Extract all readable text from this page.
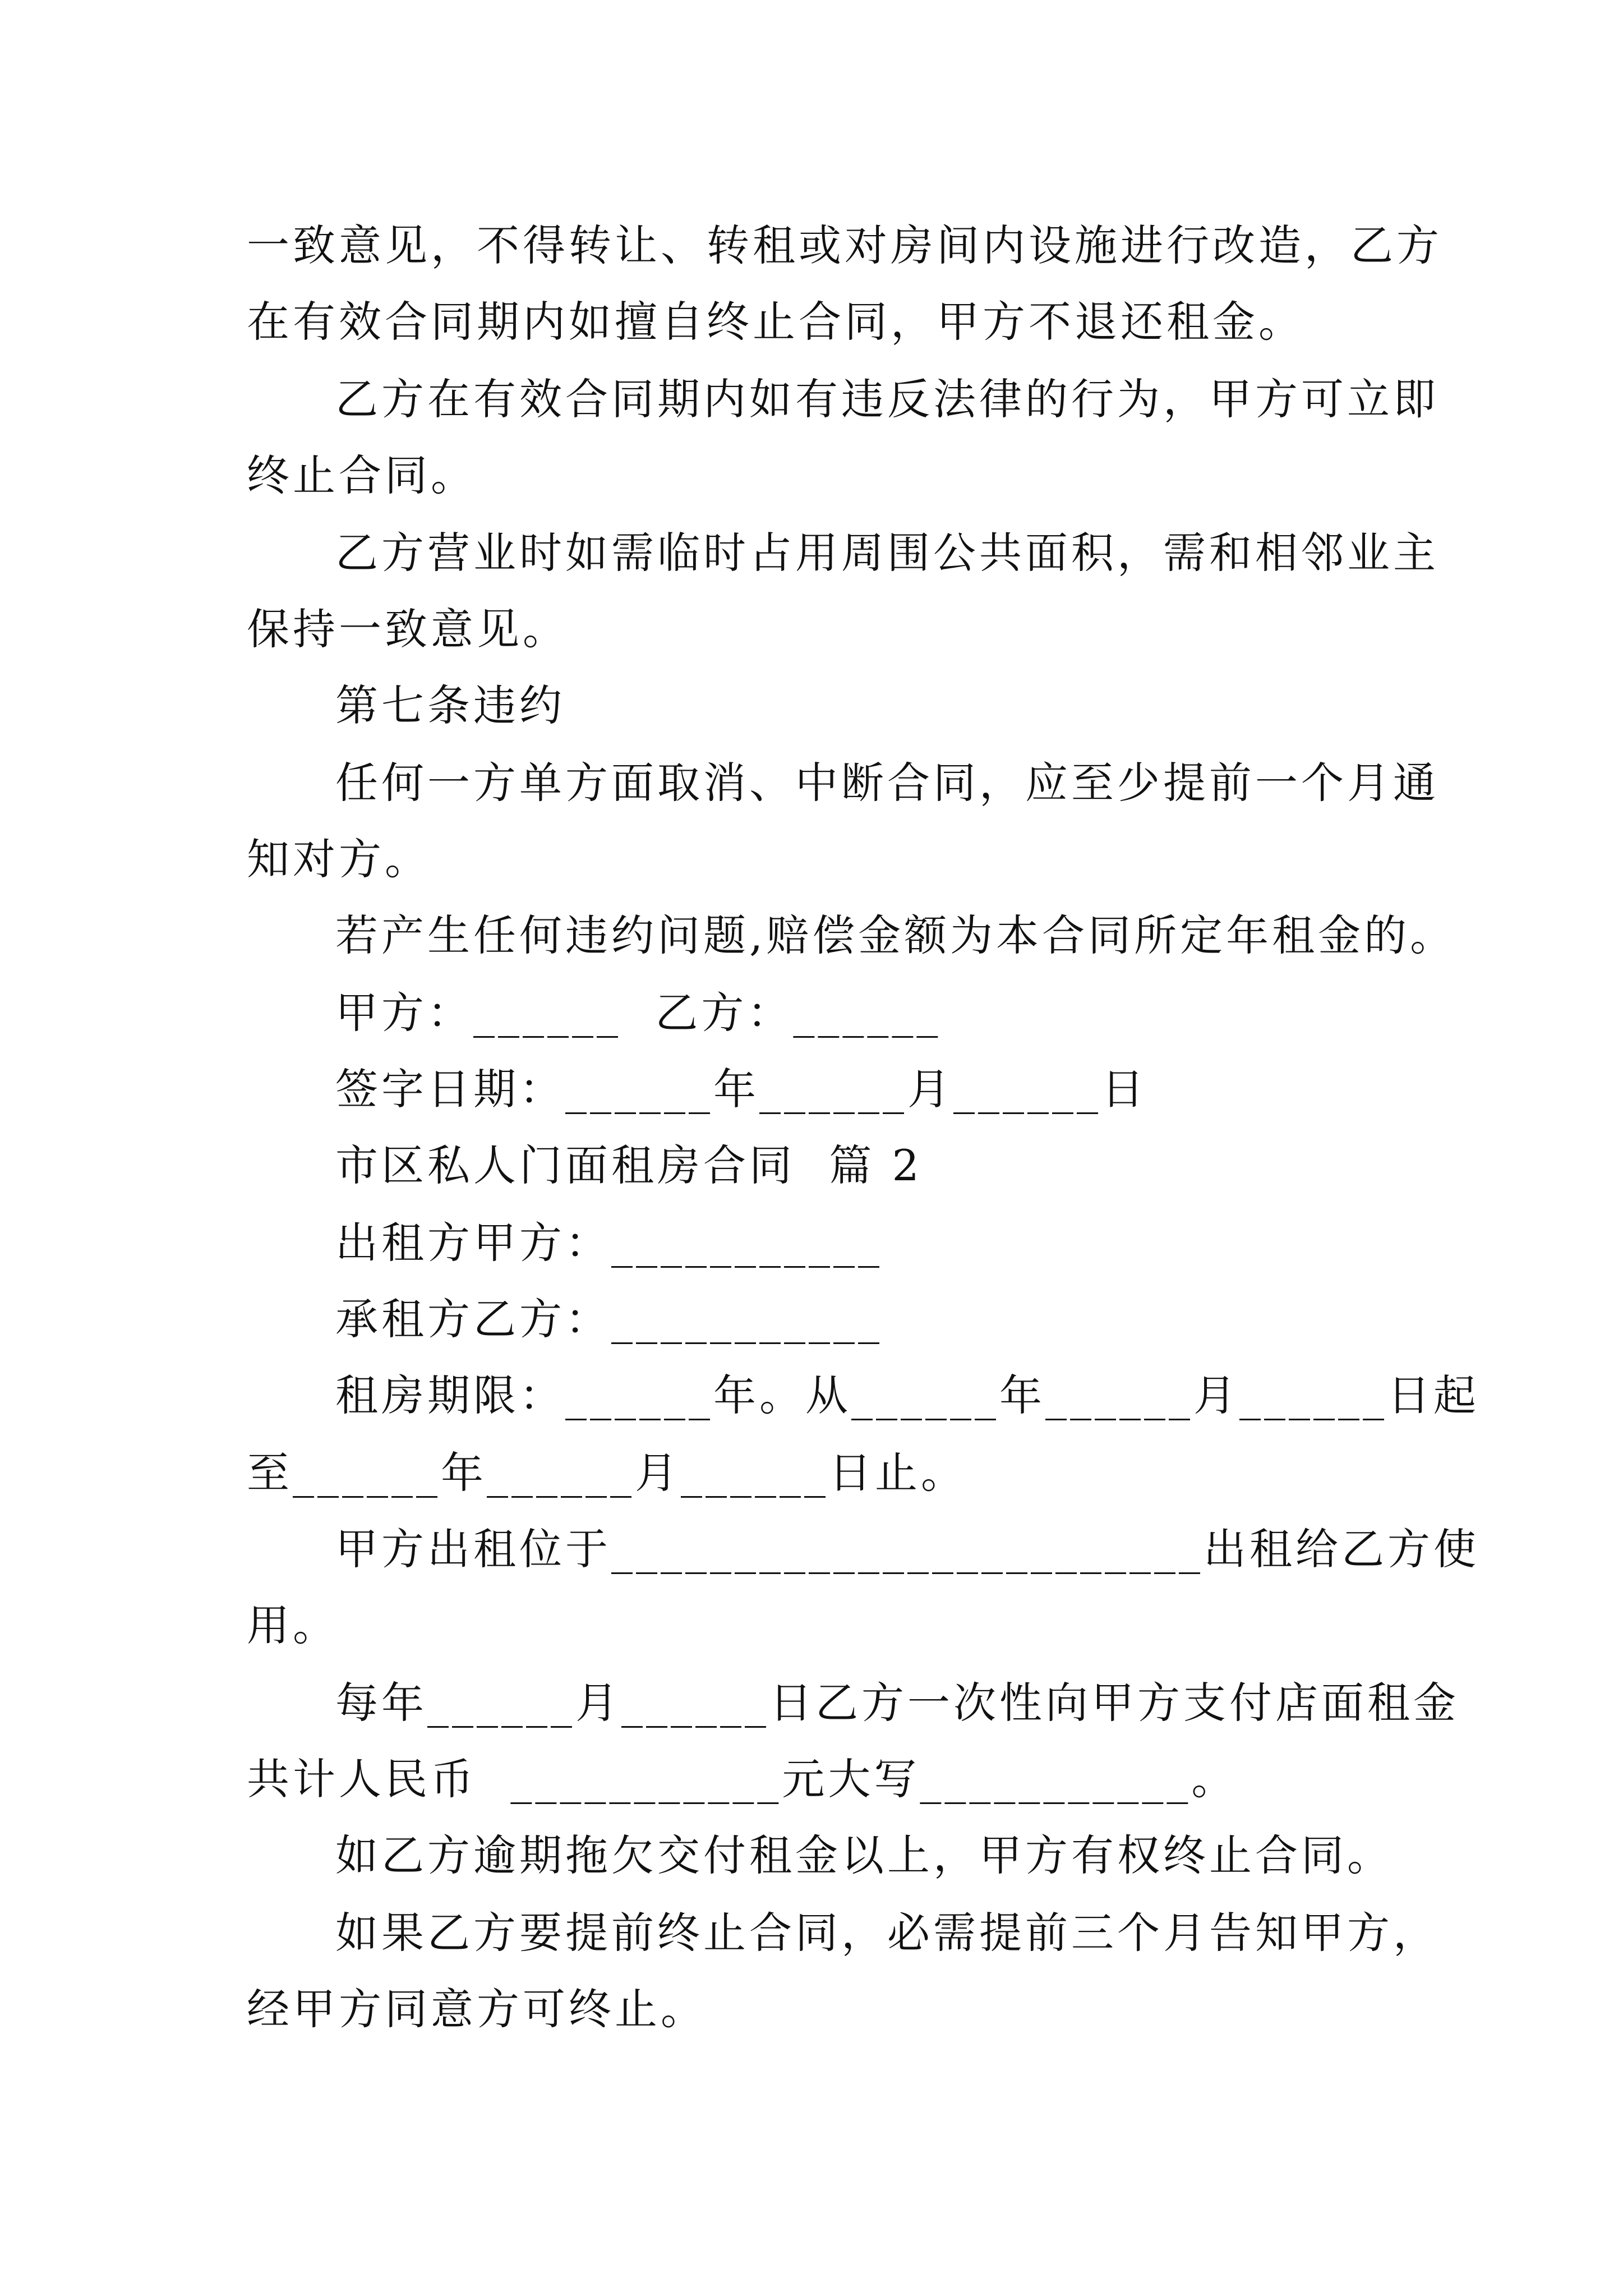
一致意见，不得转让、转租或对房间内设施进行改造，乙方
在有效合同期内如擅自终止合同，甲方不退还租金。
乙方在有效合同期内如有违反法律的行为，甲方可立即
终止合同。
乙方营业时如需临时占用周围公共面积，需和相邻业主
保持一致意见。
第七条违约
任何一方单方面取消、中断合同，应至少提前一个月通
知对方。
若产生任何违约问题,赔偿金额为本合同所定年租金的。
甲方：______  乙方：______
签字日期：______年______月______日
市区私人门面租房合同  篇 2
出租方甲方：___________
承租方乙方：___________
租房期限：______年。从______年______月______日起
至______年______月______日止。
甲方出租位于________________________出租给乙方使
用。
每年______月______日乙方一次性向甲方支付店面租金
共计人民币  ___________元大写___________。
如乙方逾期拖欠交付租金以上，甲方有权终止合同。
如果乙方要提前终止合同，必需提前三个月告知甲方，
经甲方同意方可终止。
